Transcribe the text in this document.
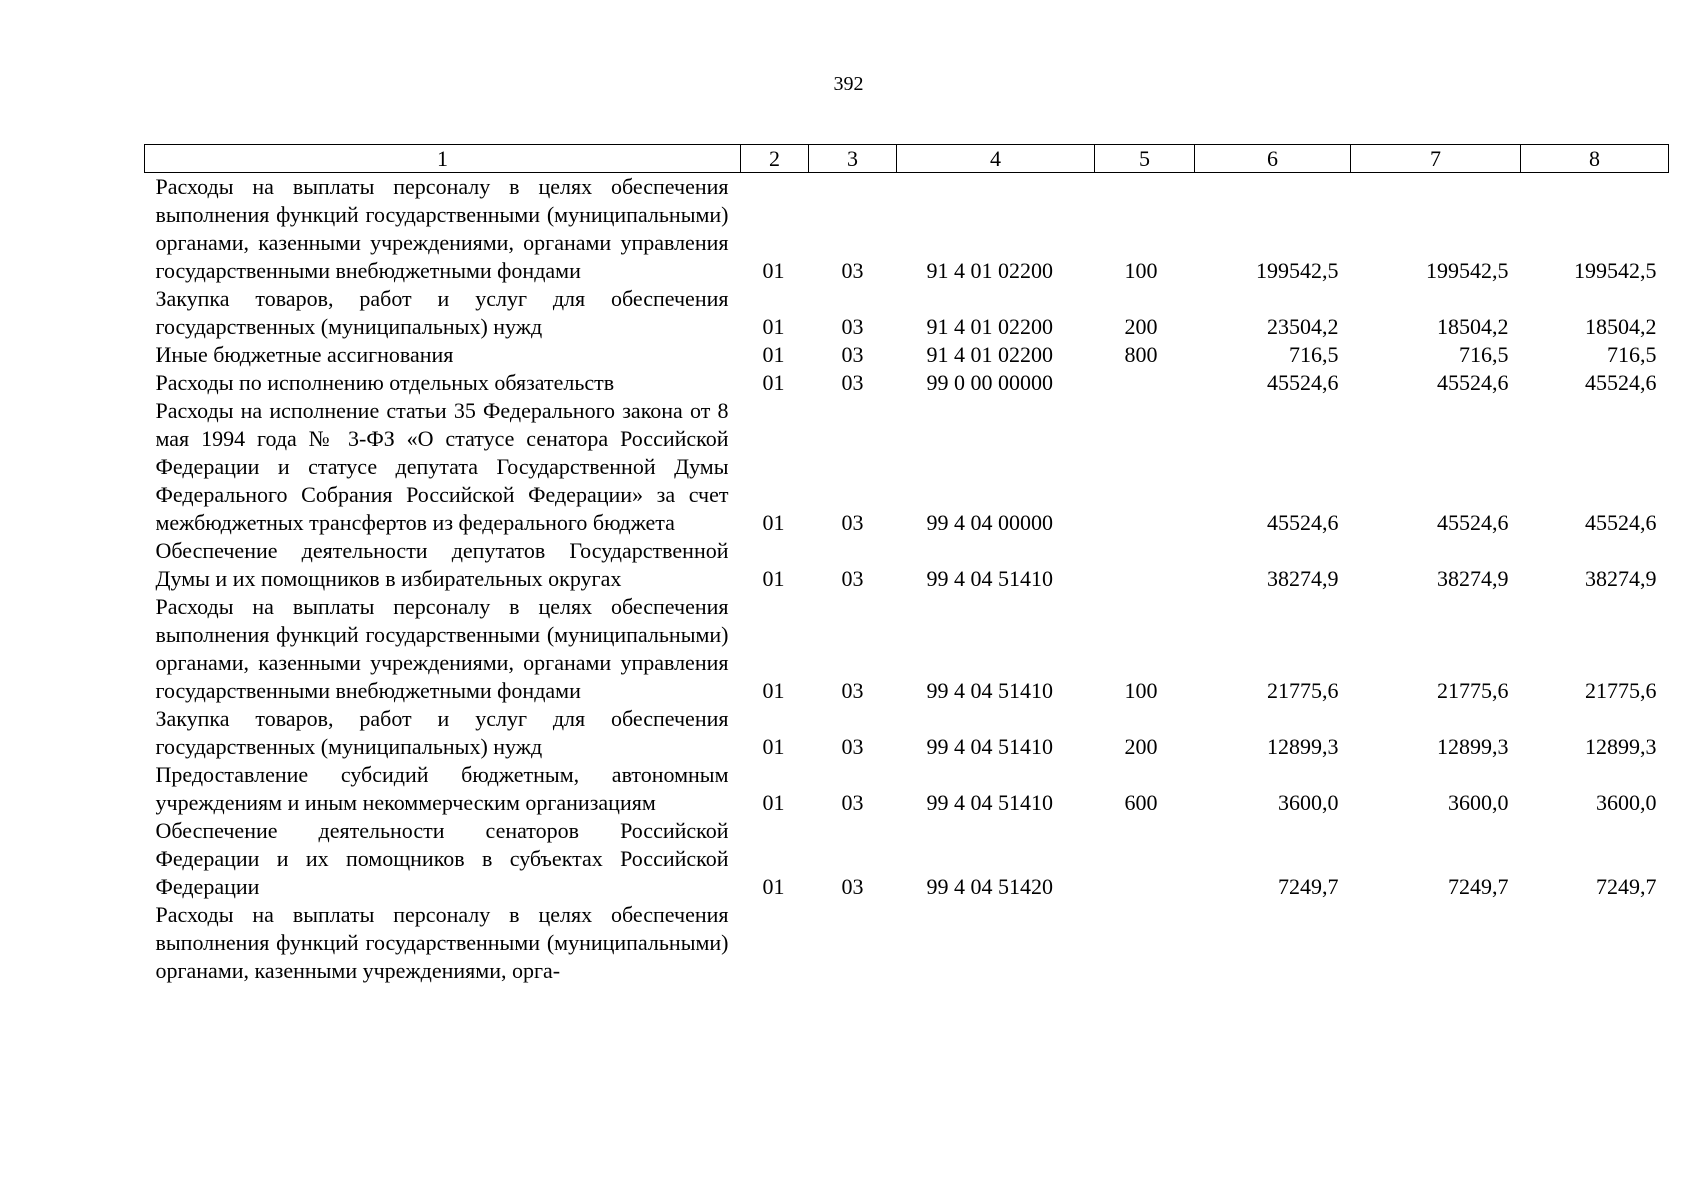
392
1	2	3	4	5	6	7	8
Расходы на выплаты персоналу в целях обеспечения выполнения функций государственными (муниципальными) органами, казенными учреждениями, органами управления государственными внебюджетными фондами	01	03	91 4 01 02200	100	199542,5	199542,5	199542,5
Закупка товаров, работ и услуг для обеспечения государственных (муниципальных) нужд	01	03	91 4 01 02200	200	23504,2	18504,2	18504,2
Иные бюджетные ассигнования	01	03	91 4 01 02200	800	716,5	716,5	716,5
Расходы по исполнению отдельных обязательств	01	03	99 0 00 00000		45524,6	45524,6	45524,6
Расходы на исполнение статьи 35 Федерального закона от 8 мая 1994 года № 3-ФЗ «О статусе сенатора Российской Федерации и статусе депутата Государственной Думы Федерального Собрания Российской Федерации» за счет межбюджетных трансфертов из федерального бюджета	01	03	99 4 04 00000		45524,6	45524,6	45524,6
Обеспечение деятельности депутатов Государственной Думы и их помощников в избирательных округах	01	03	99 4 04 51410		38274,9	38274,9	38274,9
Расходы на выплаты персоналу в целях обеспечения выполнения функций государственными (муниципальными) органами, казенными учреждениями, органами управления государственными внебюджетными фондами	01	03	99 4 04 51410	100	21775,6	21775,6	21775,6
Закупка товаров, работ и услуг для обеспечения государственных (муниципальных) нужд	01	03	99 4 04 51410	200	12899,3	12899,3	12899,3
Предоставление субсидий бюджетным, автономным учреждениям и иным некоммерческим организациям	01	03	99 4 04 51410	600	3600,0	3600,0	3600,0
Обеспечение деятельности сенаторов Российской Федерации и их помощников в субъектах Российской Федерации	01	03	99 4 04 51420		7249,7	7249,7	7249,7
Расходы на выплаты персоналу в целях обеспечения выполнения функций государственными (муниципальными) органами, казенными учреждениями, орга-							
